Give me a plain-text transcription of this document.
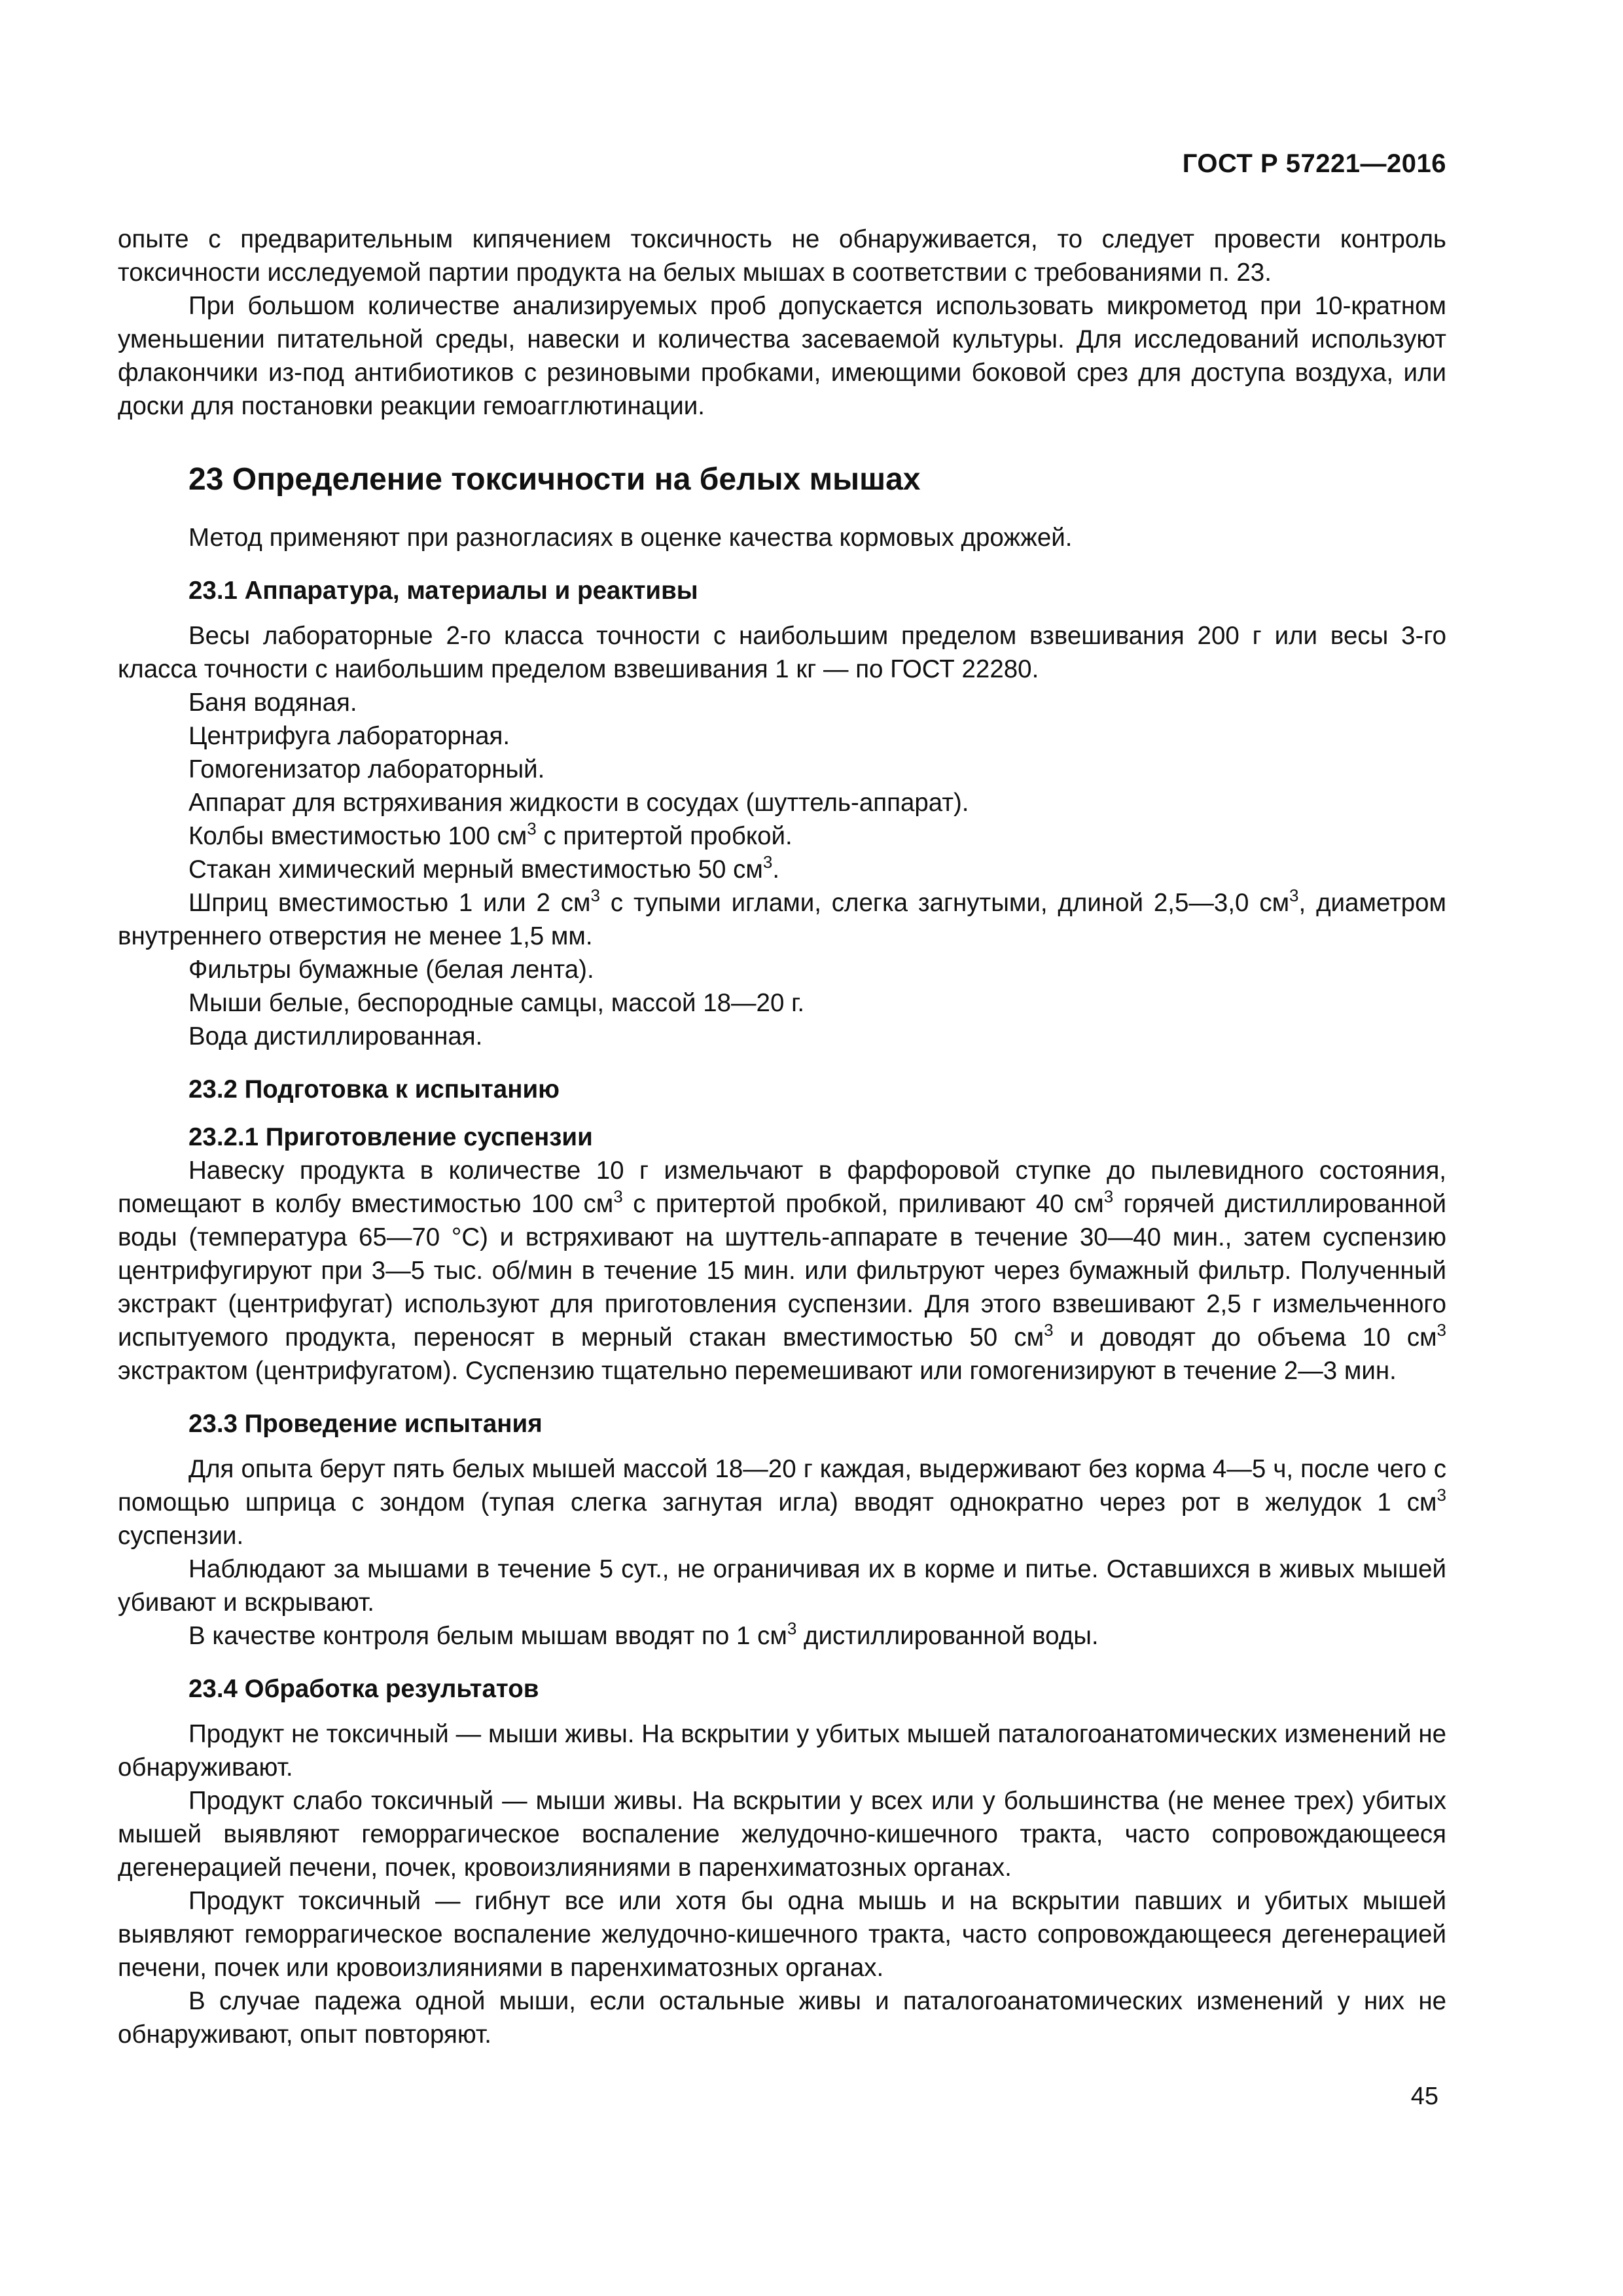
ГОСТ Р 57221—2016

опыте с предварительным кипячением токсичность не обнаруживается, то следует провести контроль токсичности исследуемой партии продукта на белых мышах в соответствии с требованиями п. 23.

При большом количестве анализируемых проб допускается использовать микрометод при 10-кратном уменьшении питательной среды, навески и количества засеваемой культуры. Для исследований используют флакончики из-под антибиотиков с резиновыми пробками, имеющими боковой срез для доступа воздуха, или доски для постановки реакции гемоагглютинации.

23 Определение токсичности на белых мышах

Метод применяют при разногласиях в оценке качества кормовых дрожжей.

23.1 Аппаратура, материалы и реактивы

Весы лабораторные 2-го класса точности с наибольшим пределом взвешивания 200 г или весы 3-го класса точности с наибольшим пределом взвешивания 1 кг — по ГОСТ 22280.

Баня водяная.

Центрифуга лабораторная.

Гомогенизатор лабораторный.

Аппарат для встряхивания жидкости в сосудах (шуттель-аппарат).

Колбы вместимостью 100 $см^3$ с притертой пробкой.

Стакан химический мерный вместимостью 50 $см^3$.

Шприц вместимостью 1 или 2 $см^3$ с тупыми иглами, слегка загнутыми, длиной 2,5—3,0 $см^3$, диаметром внутреннего отверстия не менее 1,5 мм.

Фильтры бумажные (белая лента).

Мыши белые, беспородные самцы, массой 18—20 г.

Вода дистиллированная.

23.2 Подготовка к испытанию
23.2.1 Приготовление суспензии

Навеску продукта в количестве 10 г измельчают в фарфоровой ступке до пылевидного состояния, помещают в колбу вместимостью 100 $см^3$ с притертой пробкой, приливают 40 $см^3$ горячей дистиллированной воды (температура 65—70 °С) и встряхивают на шуттель-аппарате в течение 30—40 мин., затем суспензию центрифугируют при 3—5 тыс. об/мин в течение 15 мин. или фильтруют через бумажный фильтр. Полученный экстракт (центрифугат) используют для приготовления суспензии. Для этого взвешивают 2,5 г измельченного испытуемого продукта, переносят в мерный стакан вместимостью 50 $см^3$ и доводят до объема 10 $см^3$ экстрактом (центрифугатом). Суспензию тщательно перемешивают или гомогенизируют в течение 2—3 мин.

23.3 Проведение испытания

Для опыта берут пять белых мышей массой 18—20 г каждая, выдерживают без корма 4—5 ч, после чего с помощью шприца с зондом (тупая слегка загнутая игла) вводят однократно через рот в желудок 1 $см^3$ суспензии.

Наблюдают за мышами в течение 5 сут., не ограничивая их в корме и питье. Оставшихся в живых мышей убивают и вскрывают.

В качестве контроля белым мышам вводят по 1 $см^3$ дистиллированной воды.

23.4 Обработка результатов

Продукт не токсичный — мыши живы. На вскрытии у убитых мышей паталогоанатомических изменений не обнаруживают.

Продукт слабо токсичный — мыши живы. На вскрытии у всех или у большинства (не менее трех) убитых мышей выявляют геморрагическое воспаление желудочно-кишечного тракта, часто сопровождающееся дегенерацией печени, почек, кровоизлияниями в паренхиматозных органах.

Продукт токсичный — гибнут все или хотя бы одна мышь и на вскрытии павших и убитых мышей выявляют геморрагическое воспаление желудочно-кишечного тракта, часто сопровождающееся дегенерацией печени, почек или кровоизлияниями в паренхиматозных органах.

В случае падежа одной мыши, если остальные живы и паталогоанатомических изменений у них не обнаруживают, опыт повторяют.

45
